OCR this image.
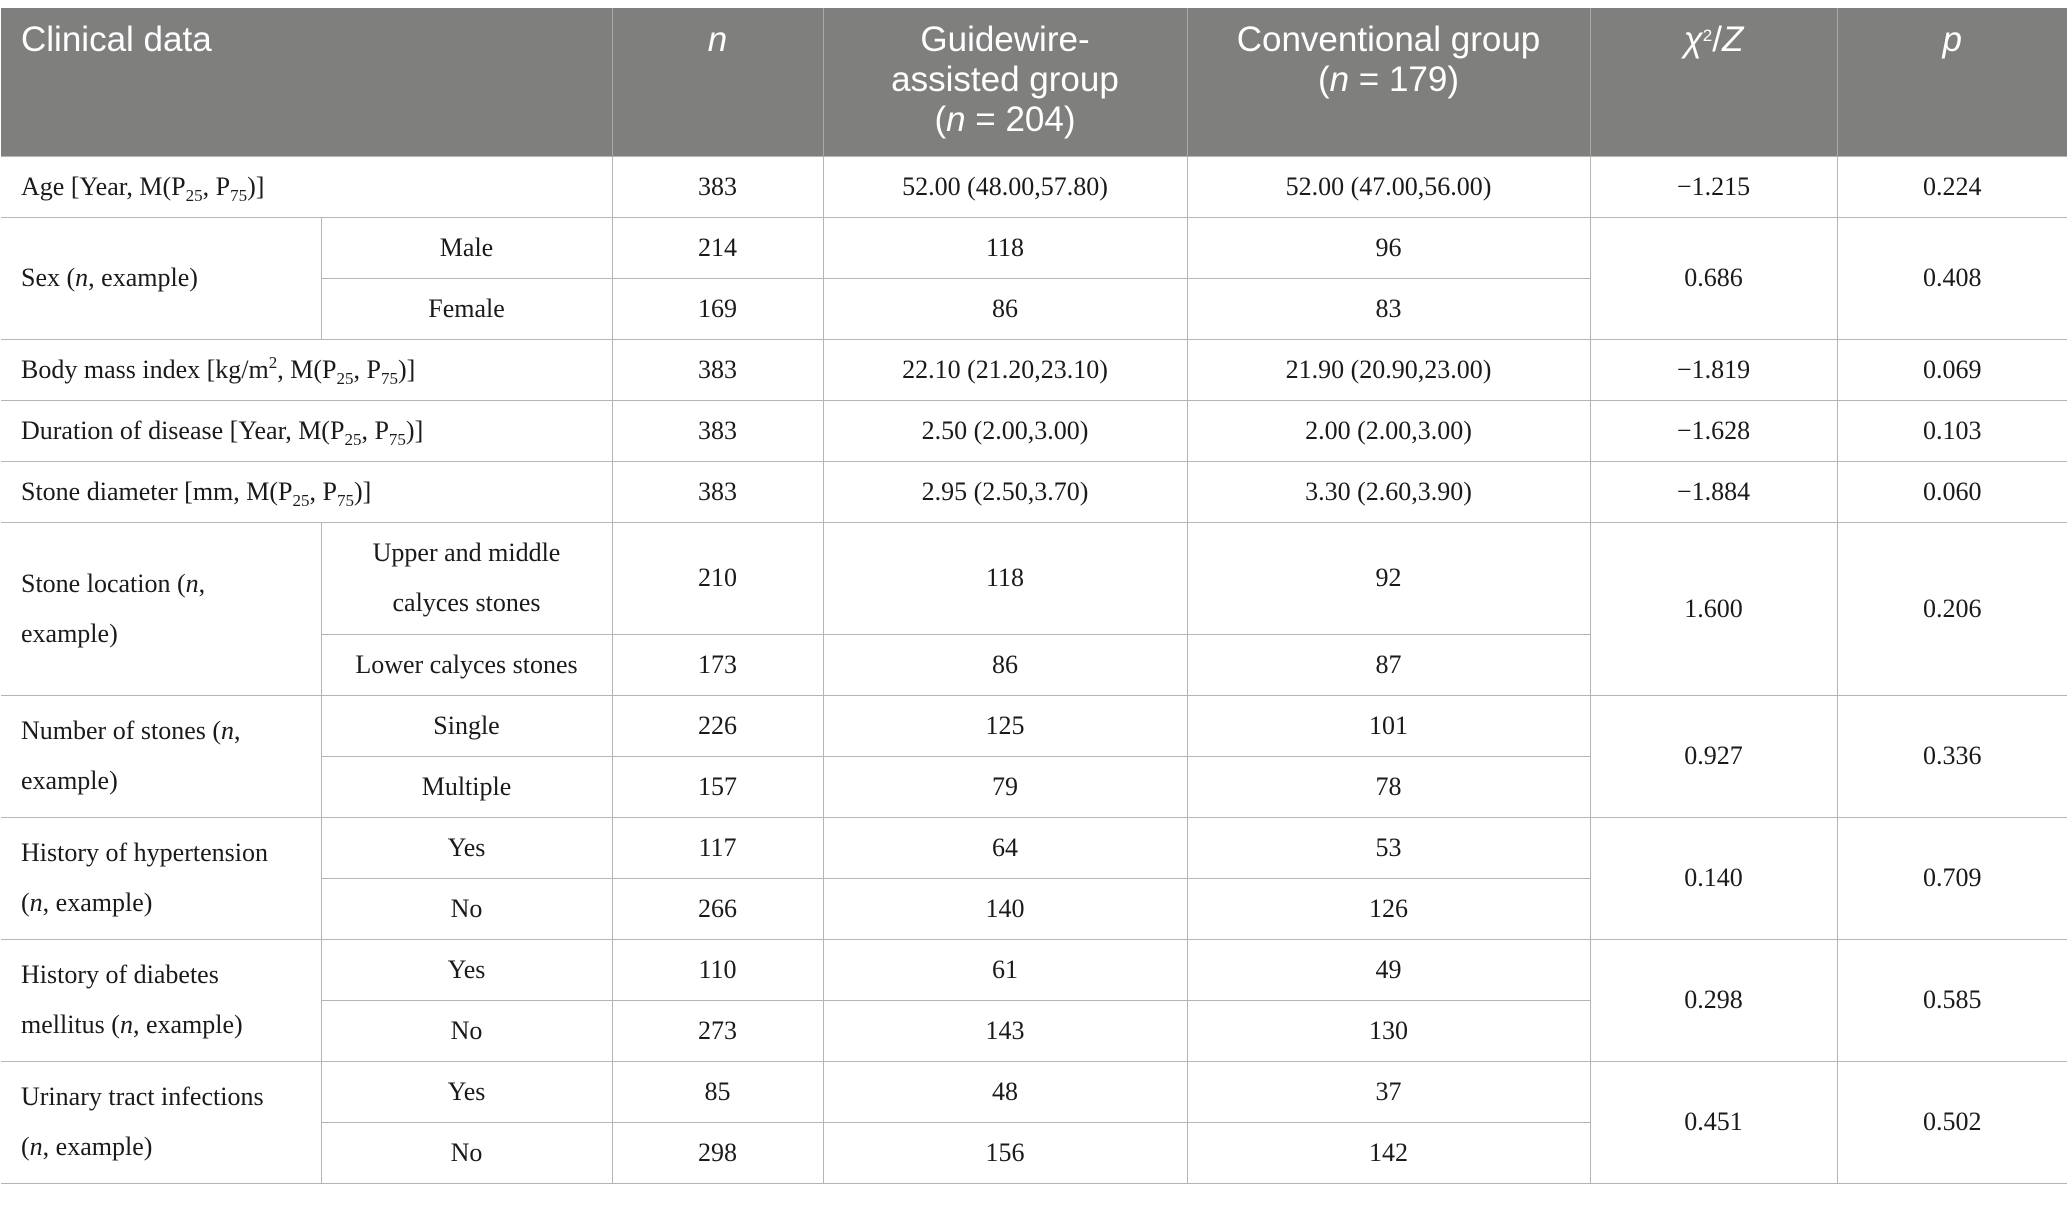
Clinical data		n	Guidewire-
assisted group
(n = 204)	Conventional group
(n = 179)	$\chi^2/Z$	p
Age [Year, $M(P_{25}$, $P_{75}$)]		383	52.00 (48.00,57.80)	52.00 (47.00,56.00)	−1.215	0.224
Sex (n, example)	Male	214	118	96	0.686	0.408
	Female	169	86	83		
Body mass index [$kg/m^2$, $M(P_{25}$, $P_{75}$)]		383	22.10 (21.20,23.10)	21.90 (20.90,23.00)	−1.819	0.069
Duration of disease [Year, $M(P_{25}$, $P_{75}$)]		383	2.50 (2.00,3.00)	2.00 (2.00,3.00)	−1.628	0.103
Stone diameter [mm, $M(P_{25}$, $P_{75}$)]		383	2.95 (2.50,3.70)	3.30 (2.60,3.90)	−1.884	0.060
Stone location (n,
example)	Upper and middle
calyces stones	210	118	92	1.600	0.206
	Lower calyces stones	173	86	87		
Number of stones (n,
example)	Single	226	125	101	0.927	0.336
	Multiple	157	79	78		
History of hypertension
(n, example)	Yes	117	64	53	0.140	0.709
	No	266	140	126		
History of diabetes
mellitus (n, example)	Yes	110	61	49	0.298	0.585
	No	273	143	130		
Urinary tract infections
(n, example)	Yes	85	48	37	0.451	0.502
	No	298	156	142		
